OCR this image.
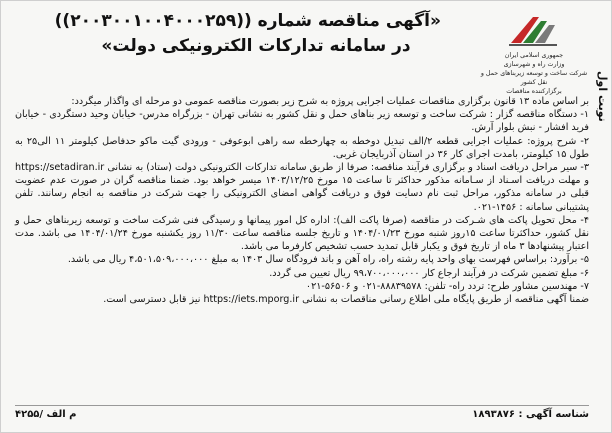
نوبت اول
جمهوری اسلامی ایران
وزارت راه و شهرسازی
شرکت ساخت و توسعه زیربناهای حمل و نقل کشور
برگزارکننده مناقصات
«آگهی مناقصه شماره ((۲۰۰۳۰۰۱۰۰۴۰۰۰۲۵۹))
در سامانه تدارکات الکترونیکی دولت»

بر اساس ماده ۱۳ قانون برگزاری مناقصات عملیات اجرایی پروژه به شرح زیر بصورت مناقصه عمومی دو مرحله ای واگذار میگردد:

۱- دستگاه مناقصه گزار : شرکت ساخت و توسعه زیر بناهای حمل و نقل کشور به نشانی تهران - بزرگراه مدرس- خیابان وحید دستگردی - خیابان فرید افشار - نبش بلوار آرش.

۲- شرح پروژه: عملیات اجرایی قطعه ۲/الف تبدیل دوخطه به چهارخطه سه راهی ابوعوفی - ورودی گیت ماکو حدفاصل کیلومتر ۱۱ الی۲۵ به طول ۱۵ کیلومتر، بامدت اجرای کار ۳۶ در استان آذربایجان غربی.

۳- سیر مراحل دریافت اسناد و برگزاری فرآیند مناقصه: صرفا از طریق سامانه تدارکات الکترونیکی دولت (ستاد) به نشانی https://setadiran.ir و مهلت دریافت اسـناد از سـامانه مذکور حداکثر تا ساعت ۱۵ مورخ ۱۴۰۳/۱۲/۲۵ میسر خواهد بود. ضمنا مناقصه گران در صورت عدم عضویت قبلی در سامانه مذکور، مراحل ثبت نام دسایت فوق و دریافت گواهی امضای الکترونیکی را جهت شرکت در مناقصه به انجام رسانند. تلفن پشتیبانی سامانه : ۱۴۵۶-۰۲۱.

۴- محل تحویل پاکت های شـرکت در مناقصه (صرفا پاکت الف): اداره کل امور پیمانها و رسیدگی فنی شرکت ساخت و توسعه زیربناهای حمل و نقل کشور، حداکثرتا ساعت ۱۵روز شنبه مورخ ۱۴۰۴/۰۱/۲۳ و تاریخ جلسه مناقصه ساعت ۱۱/۳۰ روز یکشنبه مورخ ۱۴۰۴/۰۱/۲۴ می باشد. مدت اعتبار پیشنهادها ۳ ماه از تاریخ فوق و یکبار قابل تمدید حسب تشخیص کارفرما می باشد.

۵- برآورد: براساس فهرست بهای واحد پایه رشته راه، راه آهن و باند فرودگاه سال ۱۴۰۳ به مبلغ ۴،۵۰۱،۵۰۹،۰۰۰،۰۰۰ ریال می باشد.

۶- مبلغ تضمین شرکت در فرآیند ارجاع کار ۹۹،۷۰۰،۰۰۰،۰۰۰ ریال تعیین می گردد.

۷- مهندسین مشاور طرح: تردد راه- تلفن: ۸۸۸۳۹۵۷۸-۰۲۱ و ۵۶۵۰۶-۰۲۱

ضمنا آگهی مناقصه از طریق پایگاه ملی اطلاع رسانی مناقصات به نشانی https://iets.mporg.ir نیز قابل دسترسی است.

شناسه آگهی : ۱۸۹۳۸۷۶
م الف /۴۲۵۵
